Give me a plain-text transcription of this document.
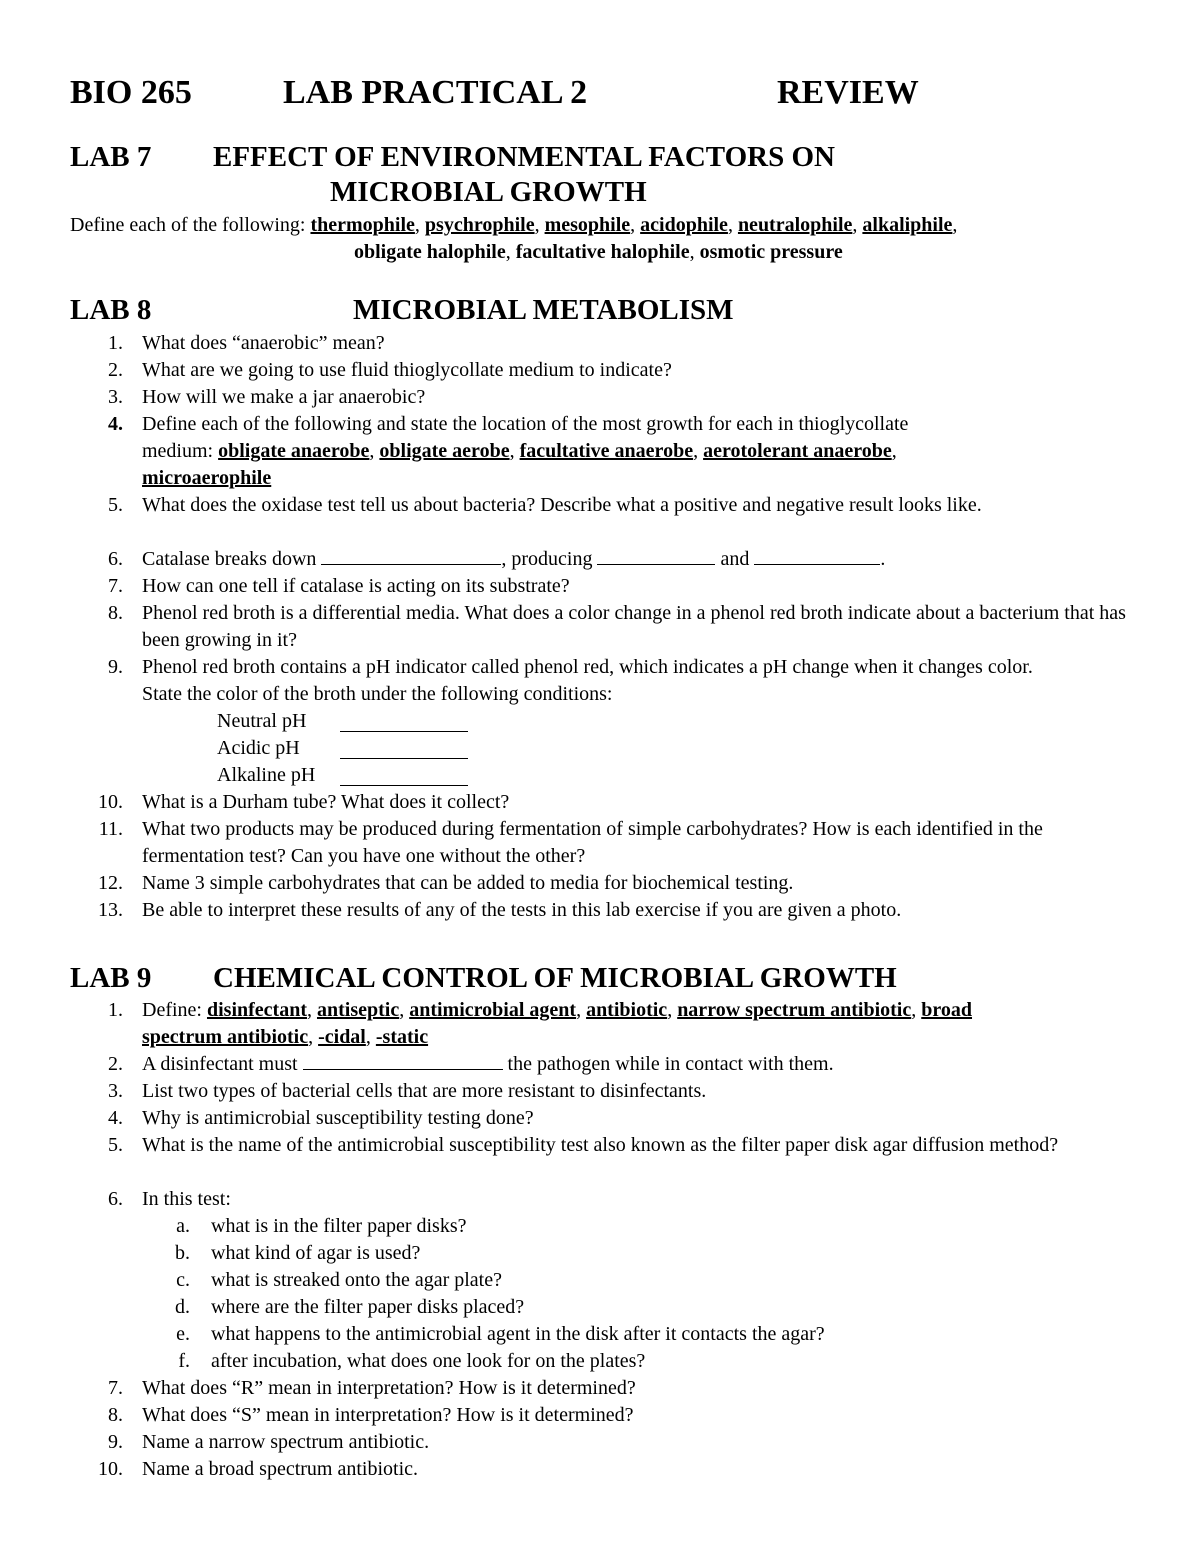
BIO 265	LAB PRACTICAL 2	REVIEW
LAB 7 EFFECT OF ENVIRONMENTAL FACTORS ON
MICROBIAL GROWTH
Define each of the following: thermophile, psychrophile, mesophile, acidophile, neutralophile, alkaliphile,
obligate halophile, facultative halophile, osmotic pressure
LAB 8	MICROBIAL METABOLISM
1. What does “anaerobic” mean?
2. What are we going to use fluid thioglycollate medium to indicate?
3. How will we make a jar anaerobic?
4. Define each of the following and state the location of the most growth for each in thioglycollate
medium: obligate anaerobe, obligate aerobe, facultative anaerobe, aerotolerant anaerobe,
microaerophile
5. What does the oxidase test tell us about bacteria? Describe what a positive and negative result looks like.
6. Catalase breaks down	, producing	and	.
7. How can one tell if catalase is acting on its substrate?
8. Phenol red broth is a differential media. What does a color change in a phenol red broth indicate about a bacterium that has been growing in it?
9. Phenol red broth contains a pH indicator called phenol red, which indicates a pH change when it changes color. State the color of the broth under the following conditions:
Neutral pH
Acidic pH
Alkaline pH
10. What is a Durham tube? What does it collect?
11. What two products may be produced during fermentation of simple carbohydrates? How is each identified in the fermentation test? Can you have one without the other?
12. Name 3 simple carbohydrates that can be added to media for biochemical testing.
13. Be able to interpret these results of any of the tests in this lab exercise if you are given a photo.
LAB 9 CHEMICAL CONTROL OF MICROBIAL GROWTH
1. Define: disinfectant, antiseptic, antimicrobial agent, antibiotic, narrow spectrum antibiotic, broad
spectrum antibiotic, -cidal, -static
2. A disinfectant must	the pathogen while in contact with them.
3. List two types of bacterial cells that are more resistant to disinfectants.
4. Why is antimicrobial susceptibility testing done?
5. What is the name of the antimicrobial susceptibility test also known as the filter paper disk agar diffusion method?
6. In this test:
a. what is in the filter paper disks?
b. what kind of agar is used?
c. what is streaked onto the agar plate?
d. where are the filter paper disks placed?
e. what happens to the antimicrobial agent in the disk after it contacts the agar?
f. after incubation, what does one look for on the plates?
7. What does “R” mean in interpretation? How is it determined?
8. What does “S” mean in interpretation? How is it determined?
9. Name a narrow spectrum antibiotic.
10. Name a broad spectrum antibiotic.
